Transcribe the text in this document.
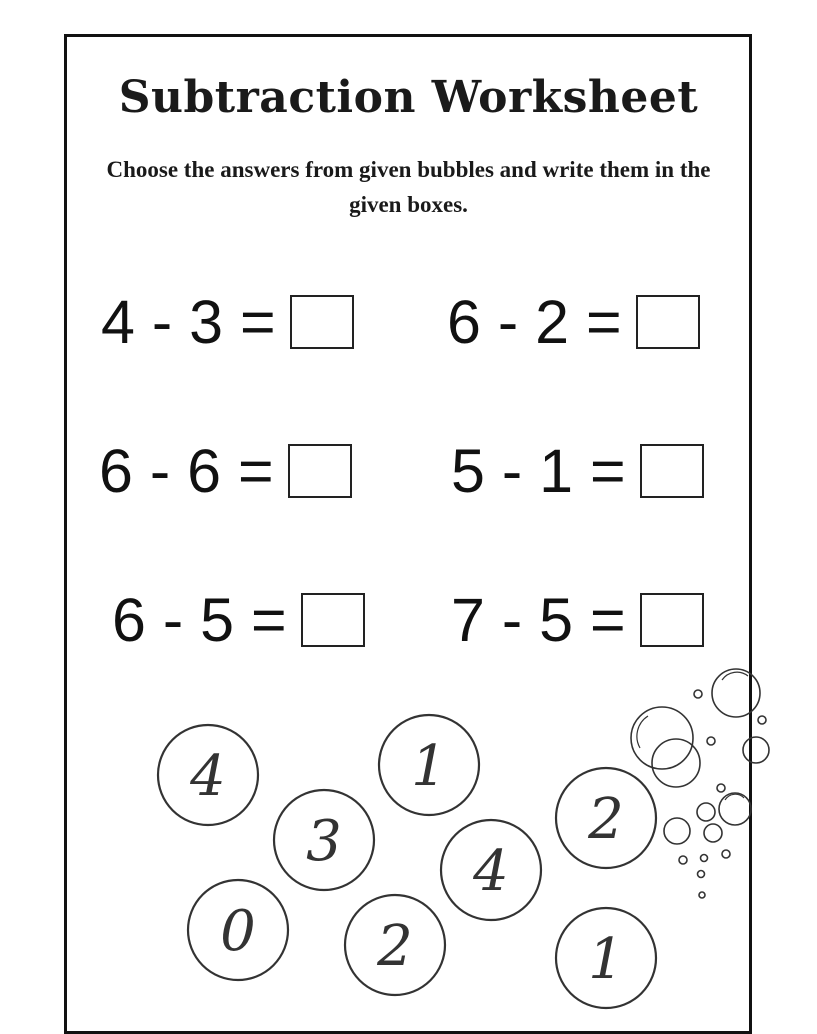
Subtraction Worksheet
Choose the answers from given bubbles and write them in the given boxes.
4 - 3 =	6 - 2 =
6 - 6 =	5 - 1 =
6 - 5 =	7 - 5 =
4	1
3 4
2
0 2	1
